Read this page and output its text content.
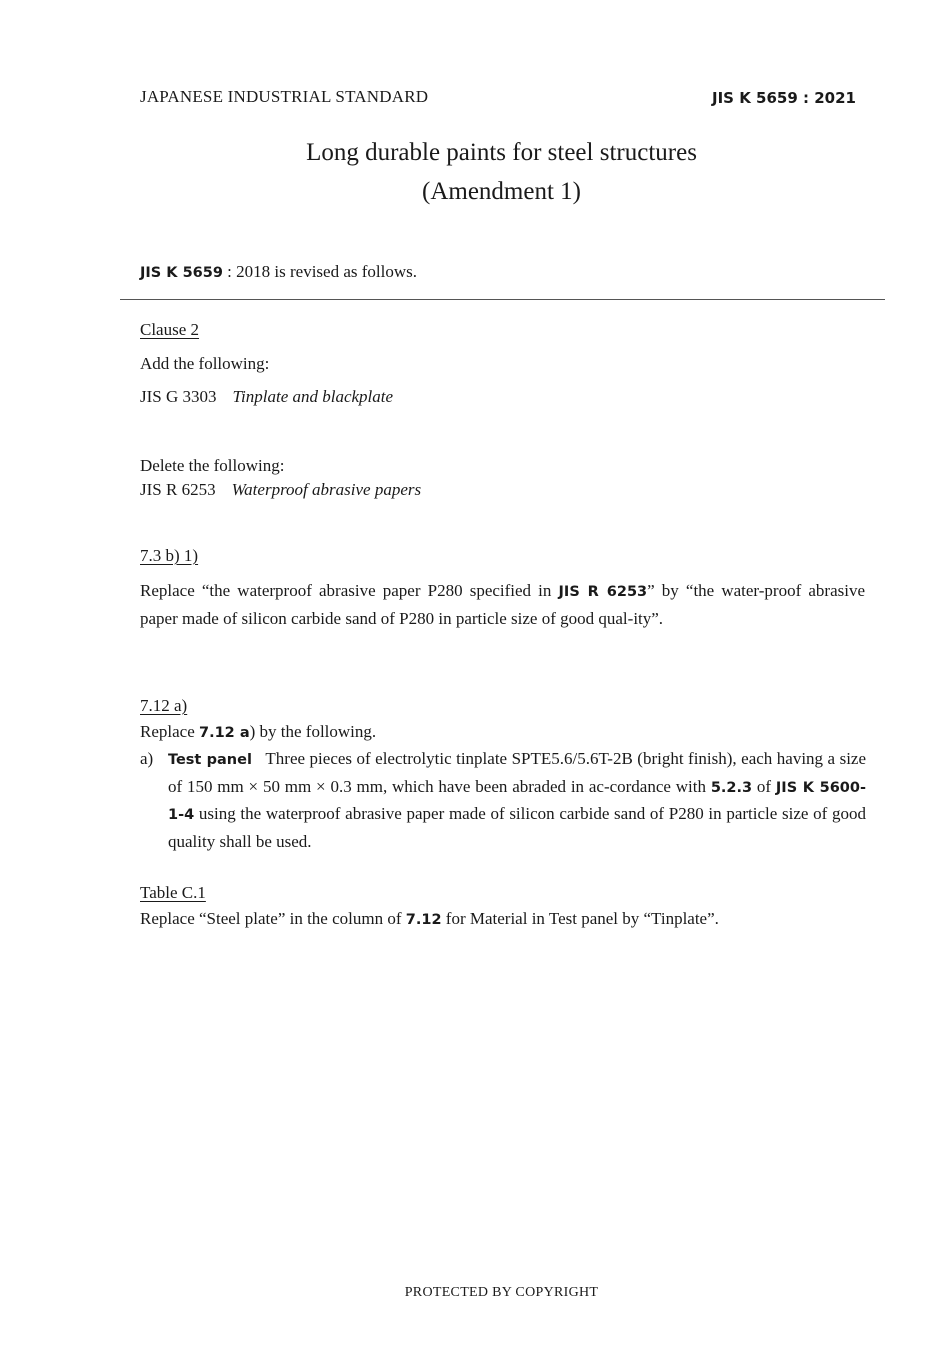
JAPANESE INDUSTRIAL STANDARD	JIS K 5659 : 2021
Long durable paints for steel structures
(Amendment 1)
JIS K 5659 : 2018 is revised as follows.
Clause 2
Add the following:
JIS G 3303 Tinplate and blackplate
Delete the following:
JIS R 6253 Waterproof abrasive papers
7.3 b) 1)
Replace “the waterproof abrasive paper P280 specified in JIS R 6253” by “the water-proof abrasive paper made of silicon carbide sand of P280 in particle size of good qual-ity”.
7.12 a)
Replace 7.12 a) by the following.
a) Test panel Three pieces of electrolytic tinplate SPTE5.6/5.6T-2B (bright finish), each having a size of 150 mm × 50 mm × 0.3 mm, which have been abraded in ac-cordance with 5.2.3 of JIS K 5600-1-4 using the waterproof abrasive paper made of silicon carbide sand of P280 in particle size of good quality shall be used.
Table C.1
Replace “Steel plate” in the column of 7.12 for Material in Test panel by “Tinplate”.
PROTECTED BY COPYRIGHT
